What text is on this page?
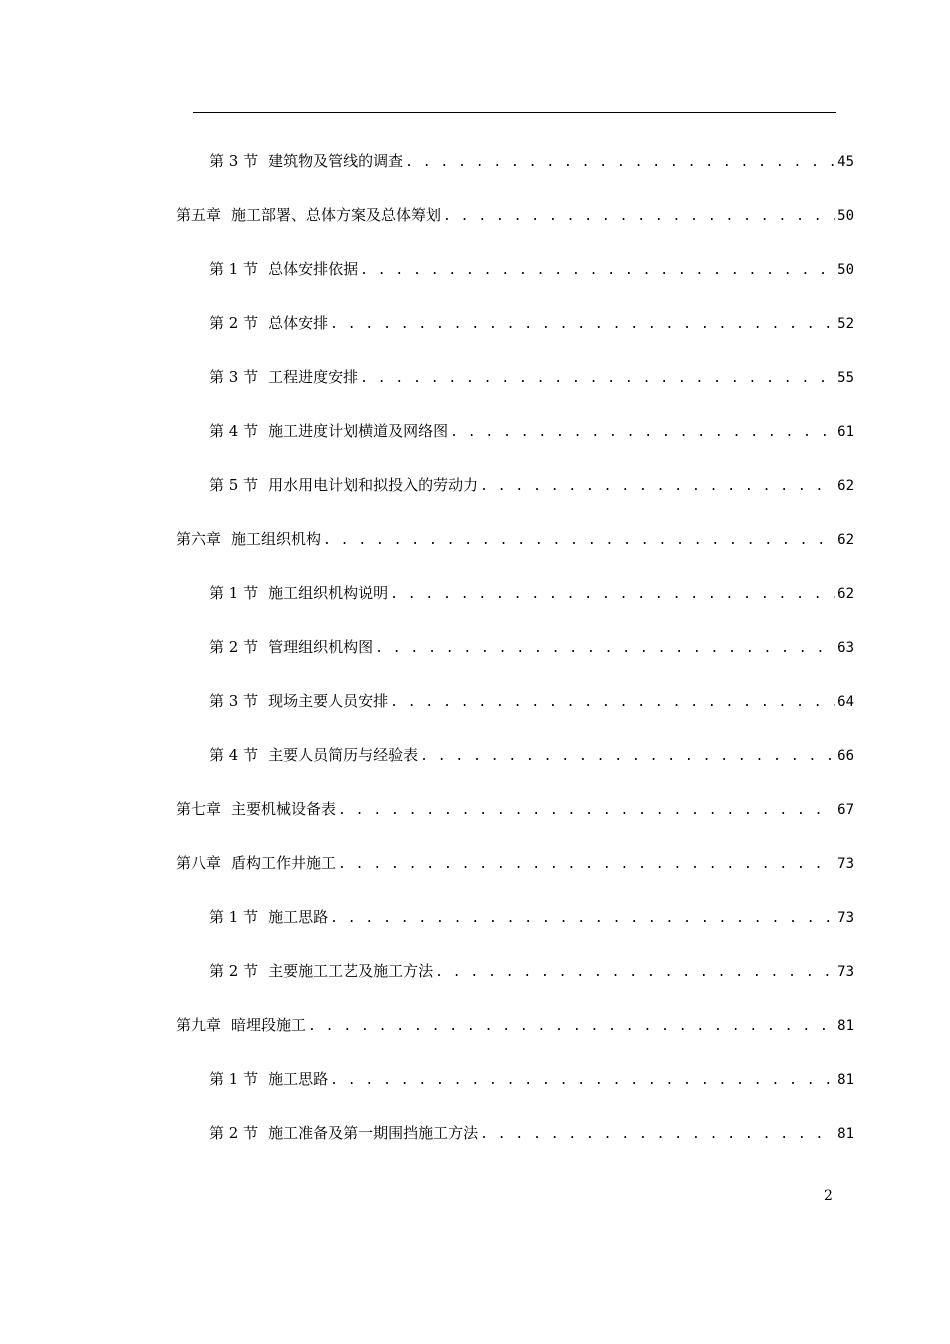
第 3 节 建筑物及管线的调查 . . .	45
第五章 施工部署、总体方案及总体筹划 . . .	50
第 1 节 总体安排依据 . . .	50
第 2 节 总体安排 . . .	52
第 3 节 工程进度安排 . . .	55
第 4 节 施工进度计划横道及网络图 . . .	61
第 5 节 用水用电计划和拟投入的劳动力 . . .	62
第六章 施工组织机构 . . .	62
第 1 节 施工组织机构说明 . . .	62
第 2 节 管理组织机构图 . . .	63
第 3 节 现场主要人员安排 . . .	64
第 4 节 主要人员简历与经验表 . . .	66
第七章 主要机械设备表 . . .	67
第八章 盾构工作井施工 . . .	73
第 1 节 施工思路 . . .	73
第 2 节 主要施工工艺及施工方法 . . .	73
第九章 暗埋段施工 . . .	81
第 1 节 施工思路 . . .	81
第 2 节 施工准备及第一期围挡施工方法 . . .	81
2
